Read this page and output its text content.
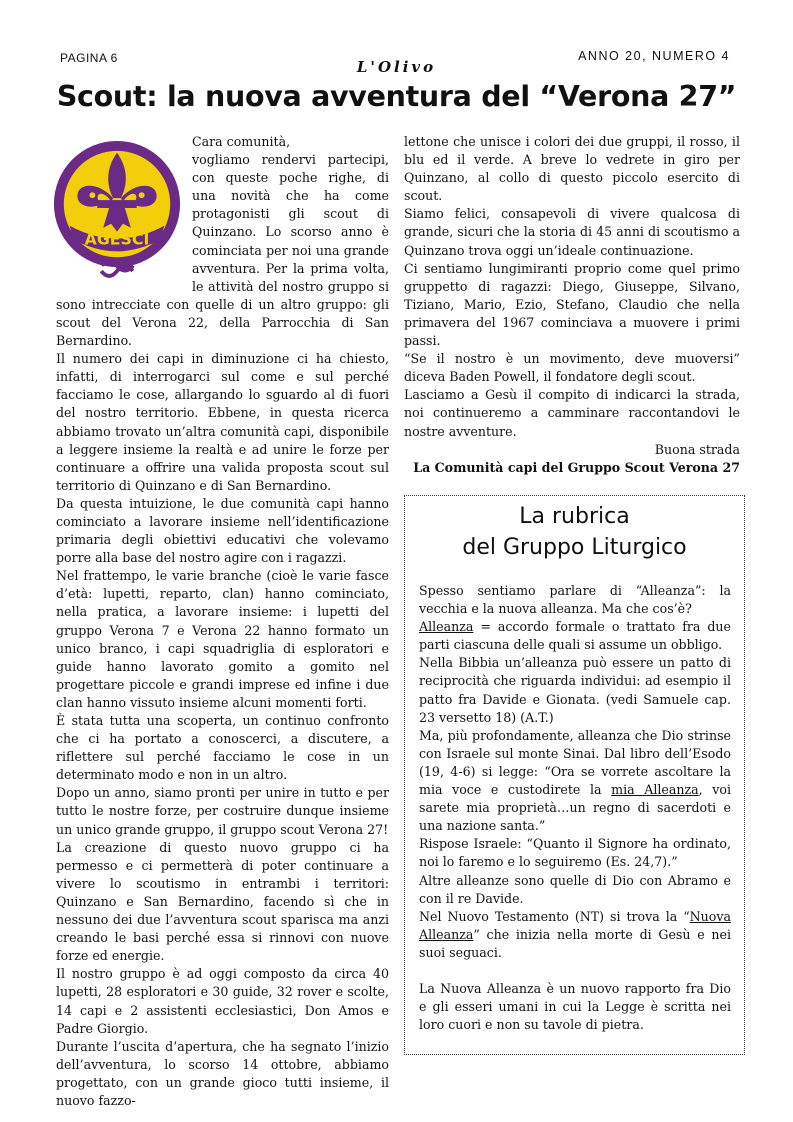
PAGINA 6	L'Olivo
ANNO 20, NUMERO 4
Scout: la nuova avventura del “Verona 27”
AGESCI

Cara comunità,

vogliamo rendervi partecipi, con queste poche righe, di una novità che ha come protagonisti gli scout di Quinzano. Lo scorso anno è cominciata per noi una grande avventura. Per la prima volta, le attività del nostro gruppo si sono intrecciate con quelle di un altro gruppo: gli scout del Verona 22, della Parrocchia di San Bernardino.

Il numero dei capi in diminuzione ci ha chiesto, infatti, di interrogarci sul come e sul perché facciamo le cose, allargando lo sguardo al di fuori del nostro territorio. Ebbene, in questa ricerca abbiamo trovato un’altra comunità capi, disponibile a leggere insieme la realtà e ad unire le forze per continuare a offrire una valida proposta scout sul territorio di Quinzano e di San Bernardino.

Da questa intuizione, le due comunità capi hanno cominciato a lavorare insieme nell’identificazione primaria degli obiettivi educativi che volevamo porre alla base del nostro agire con i ragazzi.

Nel frattempo, le varie branche (cioè le varie fasce d’età: lupetti, reparto, clan) hanno cominciato, nella pratica, a lavorare insieme: i lupetti del gruppo Verona 7 e Verona 22 hanno formato un unico branco, i capi squadriglia di esploratori e guide hanno lavorato gomito a gomito nel progettare piccole e grandi imprese ed infine i due clan hanno vissuto insieme alcuni momenti forti.

È stata tutta una scoperta, un continuo confronto che ci ha portato a conoscerci, a discutere, a riflettere sul perché facciamo le cose in un determinato modo e non in un altro.

Dopo un anno, siamo pronti per unire in tutto e per tutto le nostre forze, per costruire dunque insieme un unico grande gruppo, il gruppo scout Verona 27!

La creazione di questo nuovo gruppo ci ha permesso e ci permetterà di poter continuare a vivere lo scoutismo in entrambi i territori: Quinzano e San Bernardino, facendo sì che in nessuno dei due l’avventura scout sparisca ma anzi creando le basi perché essa si rinnovi con nuove forze ed energie.

Il nostro gruppo è ad oggi composto da circa 40 lupetti, 28 esploratori e 30 guide, 32 rover e scolte, 14 capi e 2 assistenti ecclesiastici, Don Amos e Padre Giorgio.

Durante l’uscita d’apertura, che ha segnato l’inizio dell’avventura, lo scorso 14 ottobre, abbiamo progettato, con un grande gioco tutti insieme, il nuovo fazzo-

lettone che unisce i colori dei due gruppi, il rosso, il blu ed il verde. A breve lo vedrete in giro per Quinzano, al collo di questo piccolo esercito di scout.

Siamo felici, consapevoli di vivere qualcosa di grande, sicuri che la storia di 45 anni di scoutismo a Quinzano trova oggi un’ideale continuazione.

Ci sentiamo lungimiranti proprio come quel primo gruppetto di ragazzi: Diego, Giuseppe, Silvano, Tiziano, Mario, Ezio, Stefano, Claudio che nella primavera del 1967 cominciava a muovere i primi passi.

“Se il nostro è un movimento, deve muoversi” diceva Baden Powell, il fondatore degli scout.

Lasciamo a Gesù il compito di indicarci la strada, noi continueremo a camminare raccontandovi le nostre avventure.

Buona strada

La Comunità capi del Gruppo Scout Verona 27

La rubrica
del Gruppo Liturgico

Spesso sentiamo parlare di “Alleanza”: la vecchia e la nuova alleanza. Ma che cos’è?

Alleanza = accordo formale o trattato fra due parti ciascuna delle quali si assume un obbligo.

Nella Bibbia un’alleanza può essere un patto di reciprocità che riguarda individui: ad esempio il patto fra Davide e Gionata. (vedi Samuele cap. 23 versetto 18) (A.T.)

Ma, più profondamente, alleanza che Dio strinse con Israele sul monte Sinai. Dal libro dell’Esodo (19, 4-6) si legge: “Ora se vorrete ascoltare la mia voce e custodirete la mia Alleanza, voi sarete mia proprietà…un regno di sacerdoti e una nazione santa.”

Rispose Israele: “Quanto il Signore ha ordinato, noi lo faremo e lo seguiremo (Es. 24,7).”

Altre alleanze sono quelle di Dio con Abramo e con il re Davide.

Nel Nuovo Testamento (NT) si trova la “Nuova Alleanza” che inizia nella morte di Gesù e nei suoi seguaci.

La Nuova Alleanza è un nuovo rapporto fra Dio e gli esseri umani in cui la Legge è scritta nei loro cuori e non su tavole di pietra.
